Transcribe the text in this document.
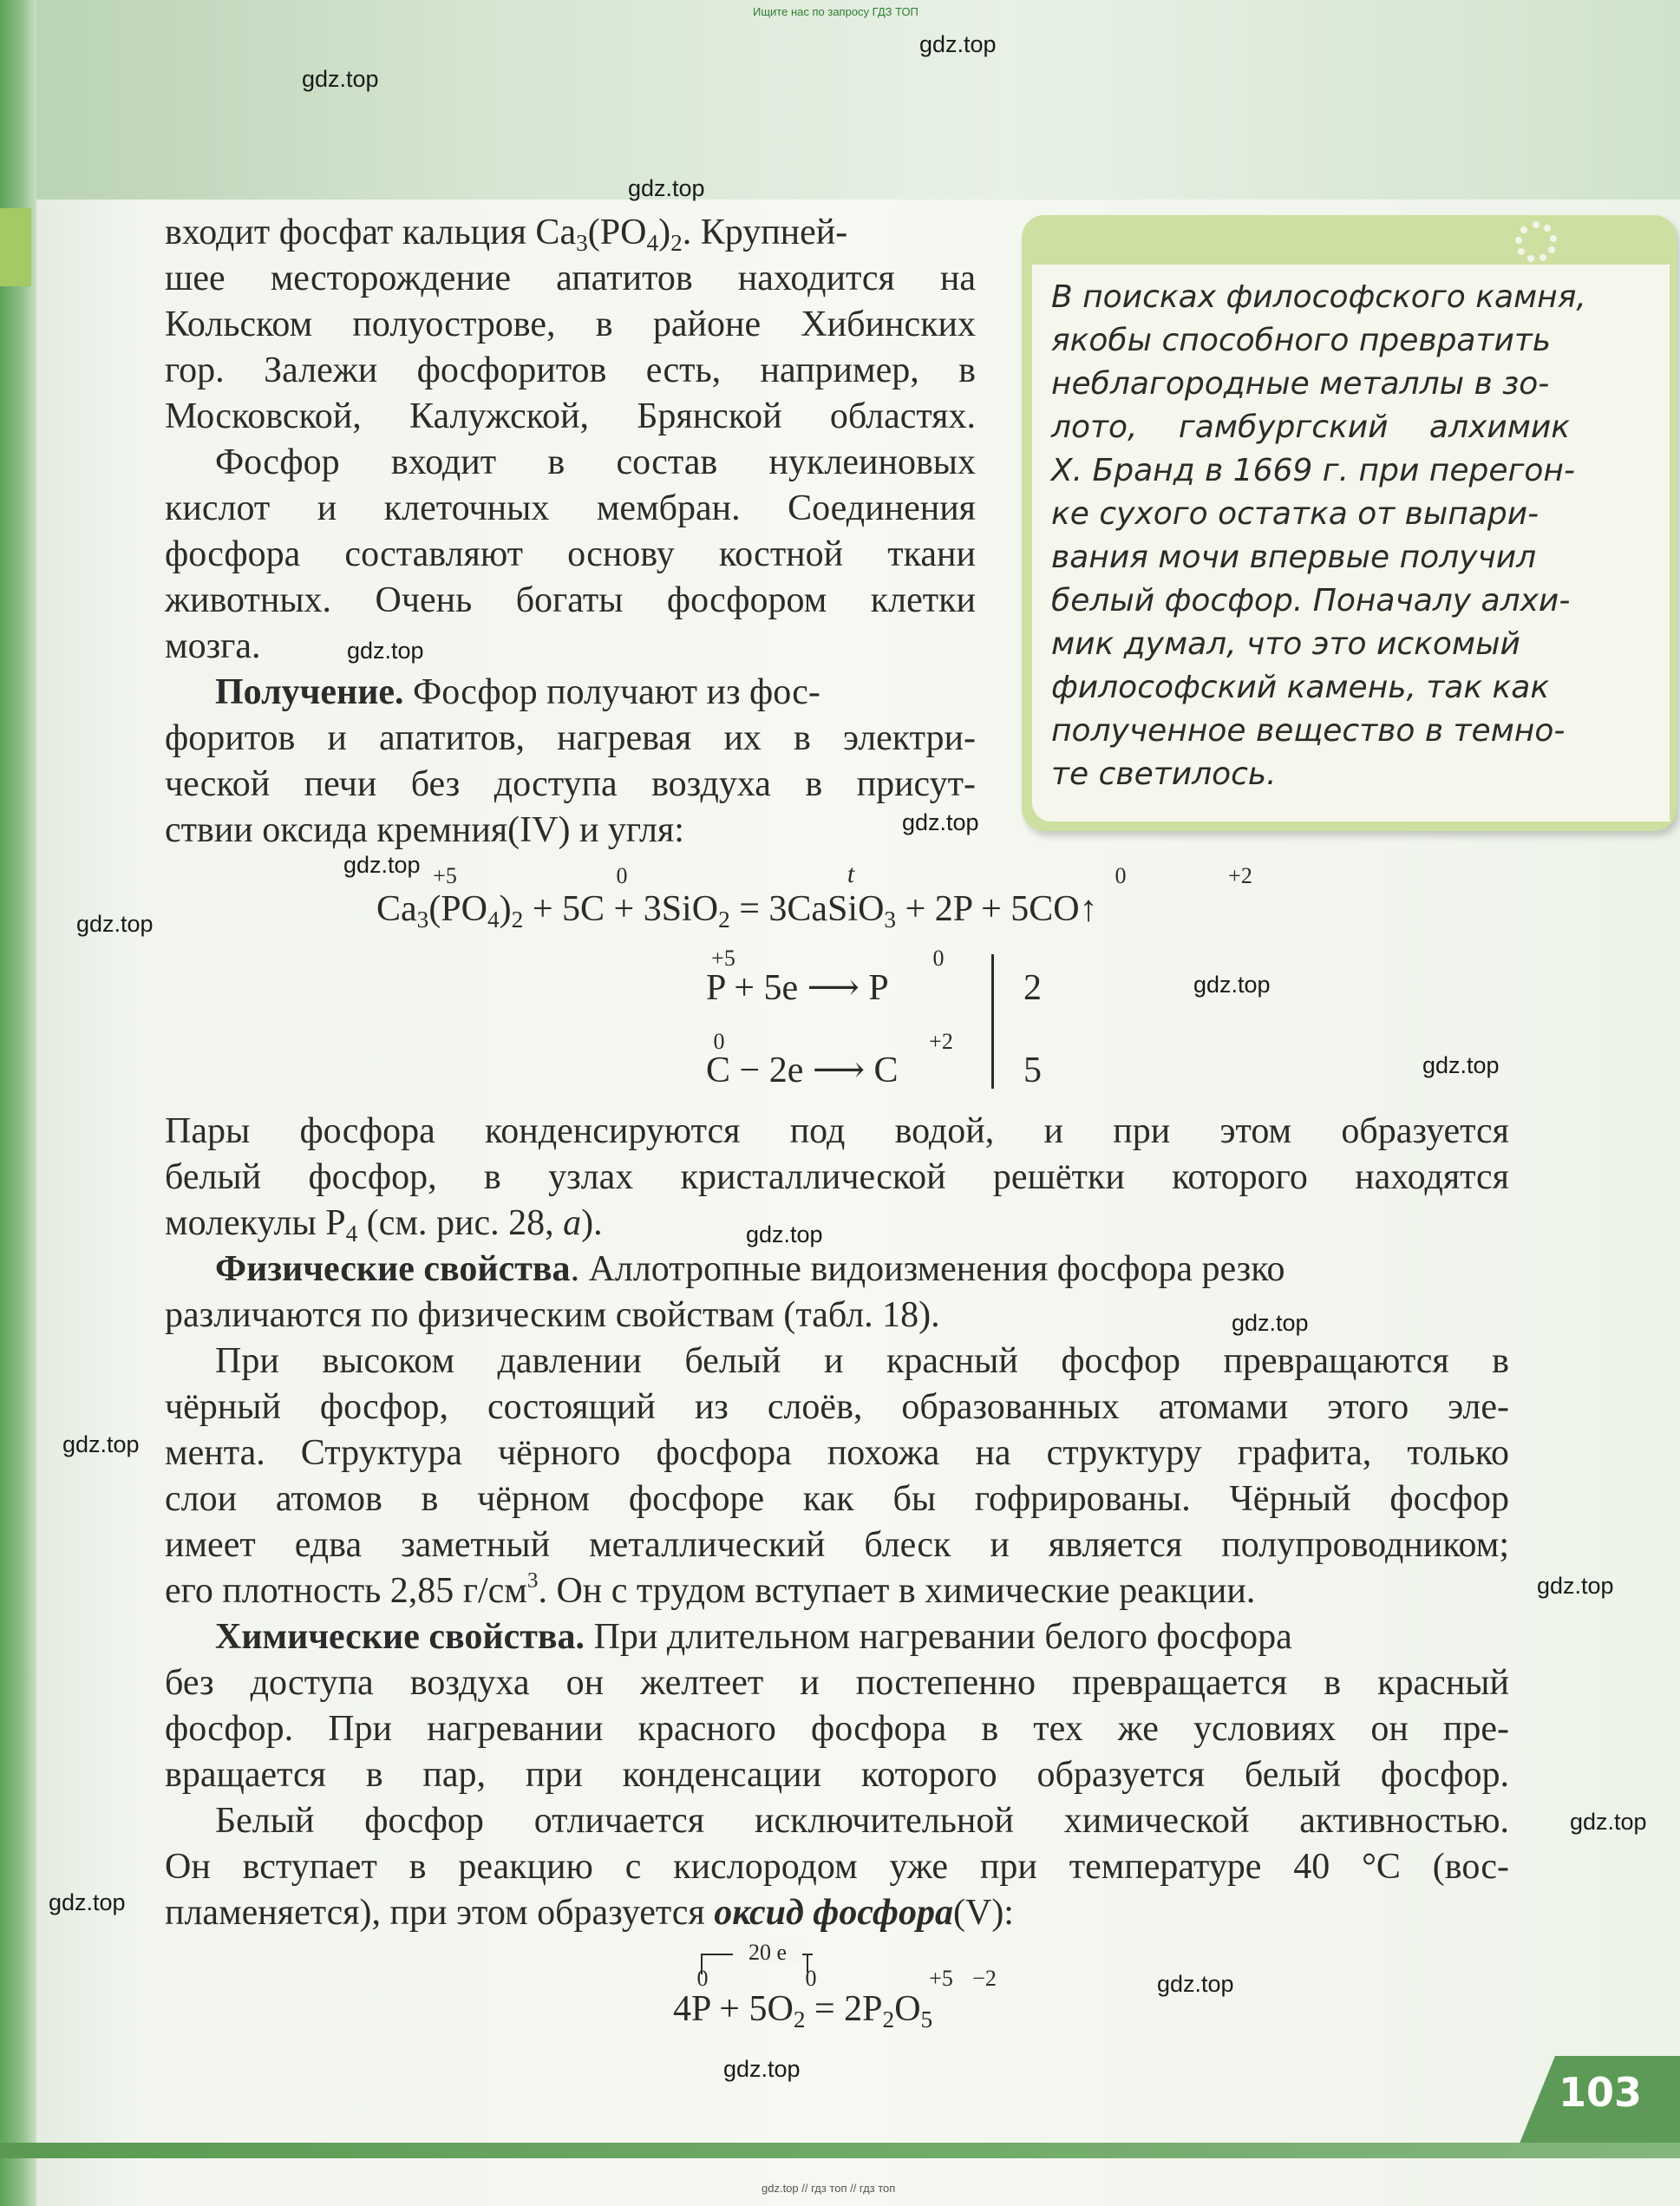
Ищите нас по запросу ГДЗ ТОП
gdz.top
gdz.top
gdz.top
gdz.top
gdz.top
gdz.top
gdz.top
gdz.top
gdz.top
gdz.top
gdz.top
gdz.top
gdz.top
gdz.top
gdz.top
gdz.top
gdz.top
В поисках философского камня,
якобы способного превратить
неблагородные металлы в зо-
лото, гамбургский алхимик
Х. Бранд в 1669 г. при перегон-
ке сухого остатка от выпари-
вания мочи впервые получил
белый фосфор. Поначалу алхи-
мик думал, что это искомый
философский камень, так как
полученное вещество в темно-
те светилось.
входит фосфат кальция $Ca_3(PO_4)_2$. Крупней-
шее месторождение апатитов находится на
Кольском полуострове, в районе Хибинских
гор. Залежи фосфоритов есть, например, в
Московской, Калужской, Брянской областях.
Фосфор входит в состав нуклеиновых
кислот и клеточных мембран. Соединения
фосфора составляют основу костной ткани
животных. Очень богаты фосфором клетки
мозга.
Получение. Фосфор получают из фос-
форитов и апатитов, нагревая их в электри-
ческой печи без доступа воздуха в присут-
ствии оксида кремния(IV) и угля:
+5	0	t	0	+2
$Ca_3(PO_4)_2 + 5C + 3SiO_2$ = 3CaSiO$_3$ + 2P + 5CO↑
+5	0
P + 5e ⟶ P	2
0	+2
C − 2e ⟶ C	5
Пары фосфора конденсируются под водой, и при этом образуется
белый фосфор, в узлах кристаллической решётки которого находятся
молекулы $P_4$ (см. рис. 28, a).
Физические свойства. Аллотропные видоизменения фосфора резко
различаются по физическим свойствам (табл. 18).
При высоком давлении белый и красный фосфор превращаются в
чёрный фосфор, состоящий из слоёв, образованных атомами этого эле-
мента. Структура чёрного фосфора похожа на структуру графита, только
слои атомов в чёрном фосфоре как бы гофрированы. Чёрный фосфор
имеет едва заметный металлический блеск и является полупроводником;
его плотность 2,85 $г/см^3$. Он с трудом вступает в химические реакции.
Химические свойства. При длительном нагревании белого фосфора
без доступа воздуха он желтеет и постепенно превращается в красный
фосфор. При нагревании красного фосфора в тех же условиях он пре-
вращается в пар, при конденсации которого образуется белый фосфор.
Белый фосфор отличается исключительной химической активностью.
Он вступает в реакцию с кислородом уже при температуре 40 °С (вос-
пламеняется), при этом образуется оксид фосфора(V):
20 e
0	0	+5 −2
$4P + 5O_2 = 2P_2O_5$
103
gdz.top // гдз топ // гдз топ
